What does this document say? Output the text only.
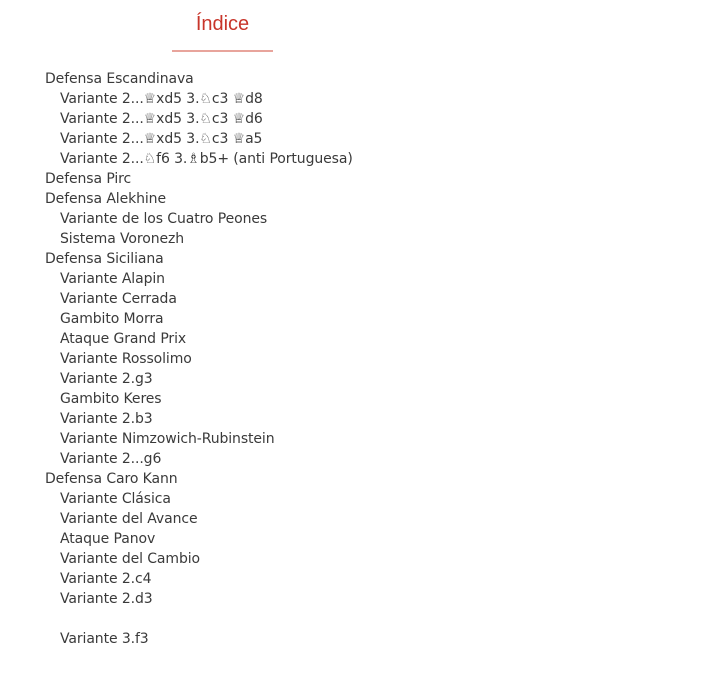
Índice
Defensa Escandinava
Variante 2...♕xd5 3.♘c3 ♕d8
Variante 2...♕xd5 3.♘c3 ♕d6
Variante 2...♕xd5 3.♘c3 ♕a5
Variante 2...♘f6 3.♗b5+ (anti Portuguesa)
Defensa Pirc
Defensa Alekhine
Variante de los Cuatro Peones
Sistema Voronezh
Defensa Siciliana
Variante Alapin
Variante Cerrada
Gambito Morra
Ataque Grand Prix
Variante Rossolimo
Variante 2.g3
Gambito Keres
Variante 2.b3
Variante Nimzowich-Rubinstein
Variante 2...g6
Defensa Caro Kann
Variante Clásica
Variante del Avance
Ataque Panov
Variante del Cambio
Variante 2.c4
Variante 2.d3
Variante 3.f3
